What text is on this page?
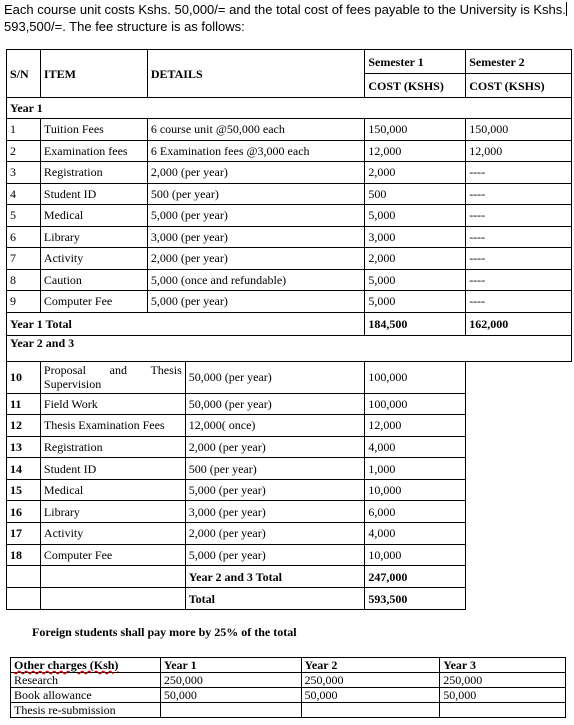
Each course unit costs Kshs. 50,000/= and the total cost of fees payable to the University is Kshs.
593,500/=. The fee structure is as follows:
S/N	ITEM	DETAILS		Semester 1	Semester 2
				COST (KSHS)	COST (KSHS)
Year 1					
1	Tuition Fees	6 course unit @50,000 each		150,000	150,000
2	Examination fees	6 Examination fees @3,000 each		12,000	12,000
3	Registration	2,000 (per year)		2,000	----
4	Student ID	500 (per year)		500	----
5	Medical	5,000 (per year)		5,000	----
6	Library	3,000 (per year)		3,000	----
7	Activity	2,000 (per year)		2,000	----
8	Caution	5,000 (once and refundable)		5,000	----
9	Computer Fee	5,000 (per year)		5,000	----
Year 1 Total				184,500	162,000
Year 2 and 3					
10	Proposal and Thesis Supervision		50,000 (per year)	100,000	
11	Field Work		50,000 (per year)	100,000	
12	Thesis Examination Fees		12,000( once)	12,000	
13	Registration		2,000 (per year)	4,000	
14	Student ID		500 (per year)	1,000	
15	Medical		5,000 (per year)	10,000	
16	Library		3,000 (per year)	6,000	
17	Activity		2,000 (per year)	4,000	
18	Computer Fee		5,000 (per year)	10,000	
			Year 2 and 3 Total	247,000	
			Total	593,500	
Foreign students shall pay more by 25% of the total
Other charges (Ksh)	Year 1	Year 2	Year 3
Research	250,000	250,000	250,000
Book allowance	50,000	50,000	50,000
Thesis re-submission			
